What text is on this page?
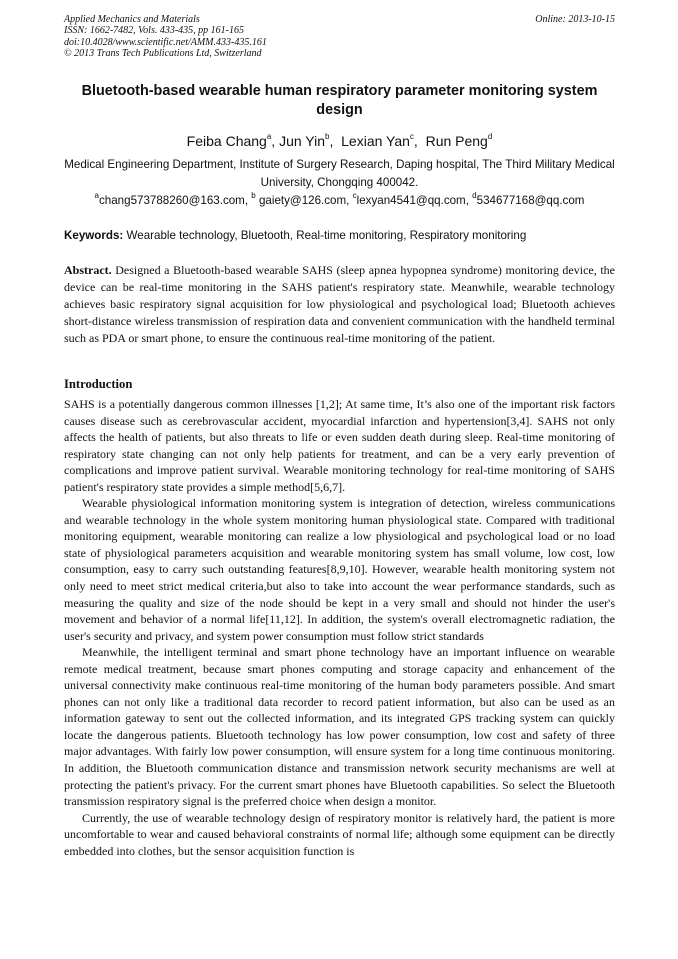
Applied Mechanics and Materials
ISSN: 1662-7482, Vols. 433-435, pp 161-165
doi:10.4028/www.scientific.net/AMM.433-435.161
© 2013 Trans Tech Publications Ltd, Switzerland
Online: 2013-10-15
Bluetooth-based wearable human respiratory parameter monitoring system design
Feiba Chang$^a$, Jun Yin$^b$,  Lexian Yan$^c$,  Run Peng$^d$
Medical Engineering Department, Institute of Surgery Research, Daping hospital, The Third Military Medical University, Chongqing 400042.
$^a$chang573788260@163.com, $^b$ gaiety@126.com, $^c$lexyan4541@qq.com, $^d$534677168@qq.com
Keywords: Wearable technology, Bluetooth, Real-time monitoring, Respiratory monitoring

Abstract. Designed a Bluetooth-based wearable SAHS (sleep apnea hypopnea syndrome) monitoring device, the device can be real-time monitoring in the SAHS patient's respiratory state. Meanwhile, wearable technology achieves basic respiratory signal acquisition for low physiological and psychological load; Bluetooth achieves short-distance wireless transmission of respiration data and convenient communication with the handheld terminal such as PDA or smart phone, to ensure the continuous real-time monitoring of the patient.

Introduction

SAHS is a potentially dangerous common illnesses [1,2]; At same time, It’s also one of the important risk factors causes disease such as cerebrovascular accident, myocardial infarction and hypertension[3,4]. SAHS not only affects the health of patients, but also threats to life or even sudden death during sleep. Real-time monitoring of respiratory state changing can not only help patients for treatment, and can be a very early prevention of complications and improve patient survival. Wearable monitoring technology for real-time monitoring of SAHS patient's respiratory state provides a simple method[5,6,7].

Wearable physiological information monitoring system is integration of detection, wireless communications and wearable technology in the whole system monitoring human physiological state. Compared with traditional monitoring equipment, wearable monitoring can realize a low physiological and psychological load or no load state of physiological parameters acquisition and wearable monitoring system has small volume, low cost, low consumption, easy to carry such outstanding features[8,9,10]. However, wearable health monitoring system not only need to meet strict medical criteria,but also to take into account the wear performance standards, such as measuring the quality and size of the node should be kept in a very small and should not hinder the user's movement and behavior of a normal life[11,12]. In addition, the system's overall electromagnetic radiation, the user's security and privacy, and system power consumption must follow strict standards

Meanwhile, the intelligent terminal and smart phone technology have an important influence on wearable remote medical treatment, because smart phones computing and storage capacity and enhancement of the universal connectivity make continuous real-time monitoring of the human body parameters possible. And smart phones can not only like a traditional data recorder to record patient information, but also can be used as an information gateway to sent out the collected information, and its integrated GPS tracking system can quickly locate the dangerous patients. Bluetooth technology has low power consumption, low cost and safety of three major advantages. With fairly low power consumption, will ensure system for a long time continuous monitoring. In addition, the Bluetooth communication distance and transmission network security mechanisms are well at protecting the patient's privacy. For the current smart phones have Bluetooth capabilities. So select the Bluetooth transmission respiratory signal is the preferred choice when design a monitor.

Currently, the use of wearable technology design of respiratory monitor is relatively hard, the patient is more uncomfortable to wear and caused behavioral constraints of normal life; although some equipment can be directly embedded into clothes, but the sensor acquisition function is
